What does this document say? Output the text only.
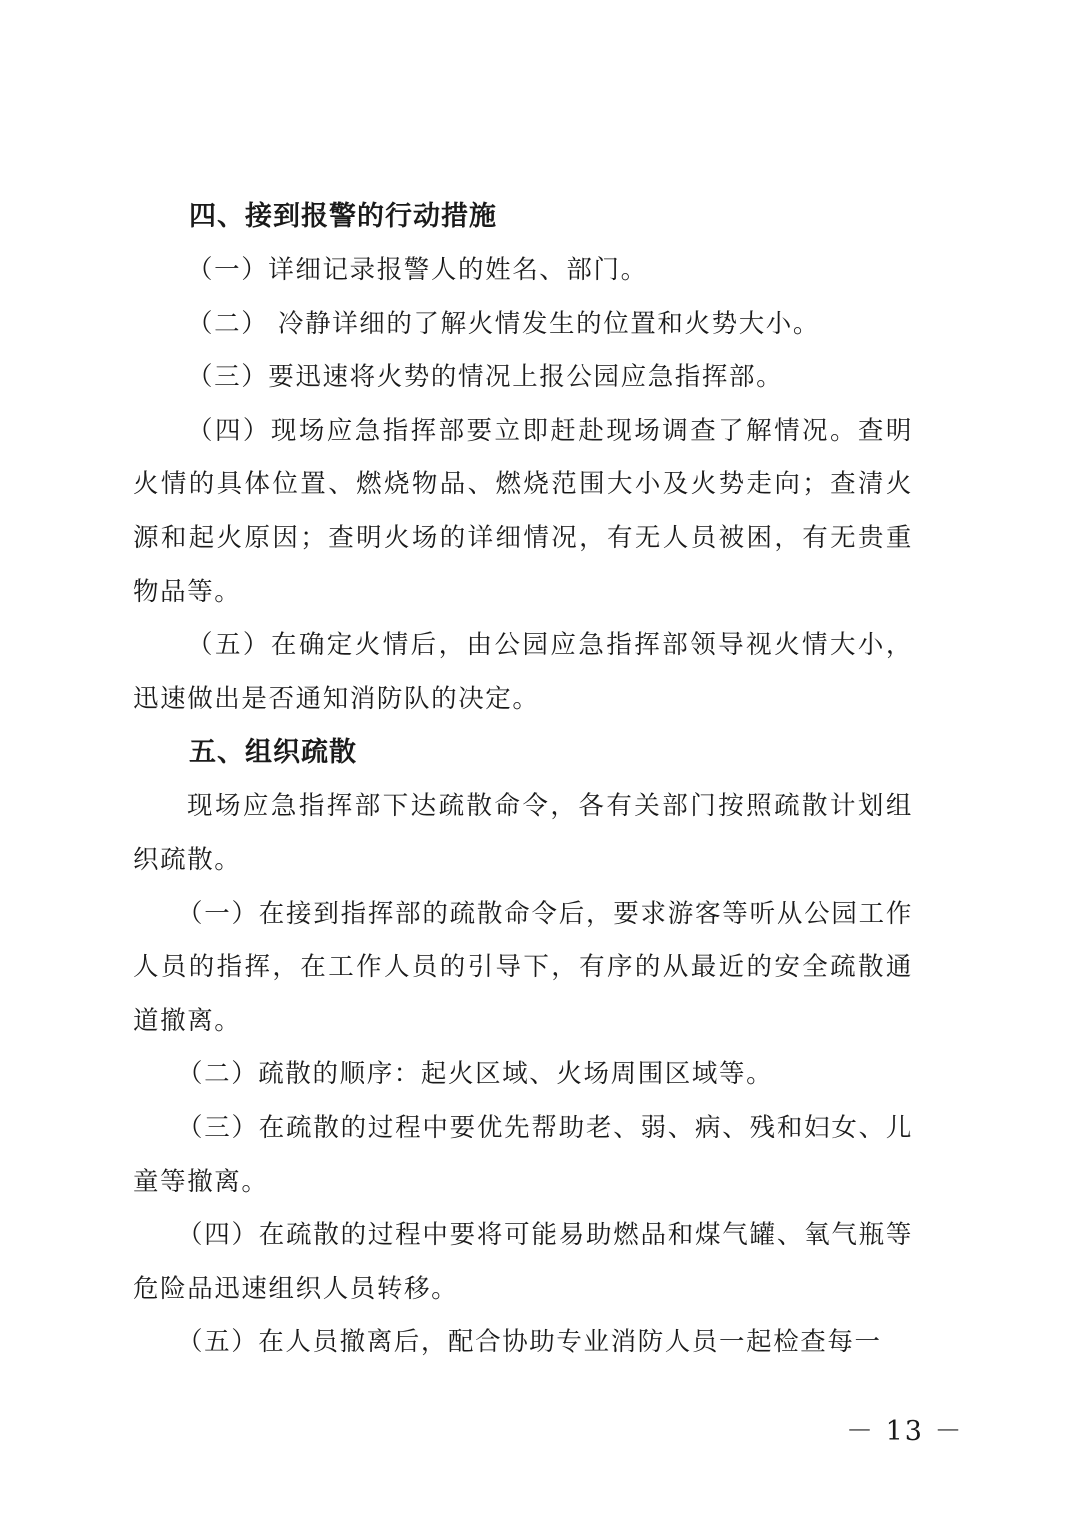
四、接到报警的行动措施

（一）详细记录报警人的姓名、部门。

（二） 冷静详细的了解火情发生的位置和火势大小。

（三）要迅速将火势的情况上报公园应急指挥部。

（四）现场应急指挥部要立即赶赴现场调查了解情况。查明火情的具体位置、燃烧物品、燃烧范围大小及火势走向；查清火源和起火原因；查明火场的详细情况，有无人员被困，有无贵重物品等。

（五）在确定火情后，由公园应急指挥部领导视火情大小，迅速做出是否通知消防队的决定。

五、组织疏散

现场应急指挥部下达疏散命令，各有关部门按照疏散计划组织疏散。

（一）在接到指挥部的疏散命令后，要求游客等听从公园工作人员的指挥，在工作人员的引导下，有序的从最近的安全疏散通道撤离。

（二）疏散的顺序：起火区域、火场周围区域等。

（三）在疏散的过程中要优先帮助老、弱、病、残和妇女、儿童等撤离。

（四）在疏散的过程中要将可能易助燃品和煤气罐、氧气瓶等危险品迅速组织人员转移。

（五）在人员撤离后，配合协助专业消防人员一起检查每一

－ 13 －
